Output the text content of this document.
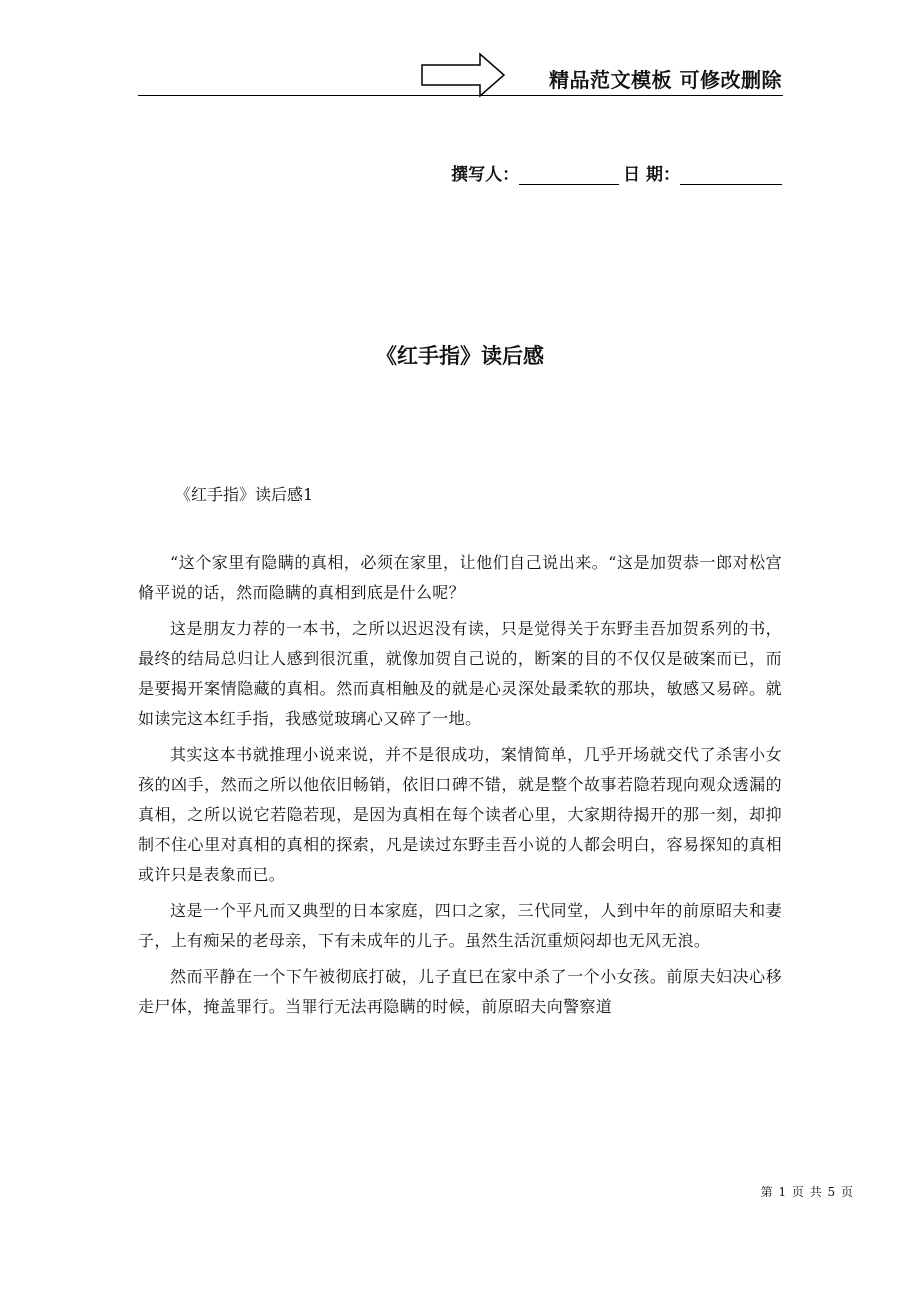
精品范文模板 可修改删除
撰写人：	日 期：
《红手指》读后感
《红手指》读后感1

“这个家里有隐瞒的真相，必须在家里，让他们自己说出来。“这是加贺恭一郎对松宫脩平说的话，然而隐瞒的真相到底是什么呢？

这是朋友力荐的一本书，之所以迟迟没有读，只是觉得关于东野圭吾加贺系列的书，最终的结局总归让人感到很沉重，就像加贺自己说的，断案的目的不仅仅是破案而已，而是要揭开案情隐藏的真相。然而真相触及的就是心灵深处最柔软的那块，敏感又易碎。就如读完这本红手指，我感觉玻璃心又碎了一地。

其实这本书就推理小说来说，并不是很成功，案情简单，几乎开场就交代了杀害小女孩的凶手，然而之所以他依旧畅销，依旧口碑不错，就是整个故事若隐若现向观众透漏的真相，之所以说它若隐若现，是因为真相在每个读者心里，大家期待揭开的那一刻，却抑制不住心里对真相的真相的探索，凡是读过东野圭吾小说的人都会明白，容易探知的真相或许只是表象而已。

这是一个平凡而又典型的日本家庭，四口之家，三代同堂，人到中年的前原昭夫和妻子，上有痴呆的老母亲，下有未成年的儿子。虽然生活沉重烦闷却也无风无浪。

然而平静在一个下午被彻底打破，儿子直巳在家中杀了一个小女孩。前原夫妇决心移走尸体，掩盖罪行。当罪行无法再隐瞒的时候，前原昭夫向警察道

第 1 页 共 5 页
